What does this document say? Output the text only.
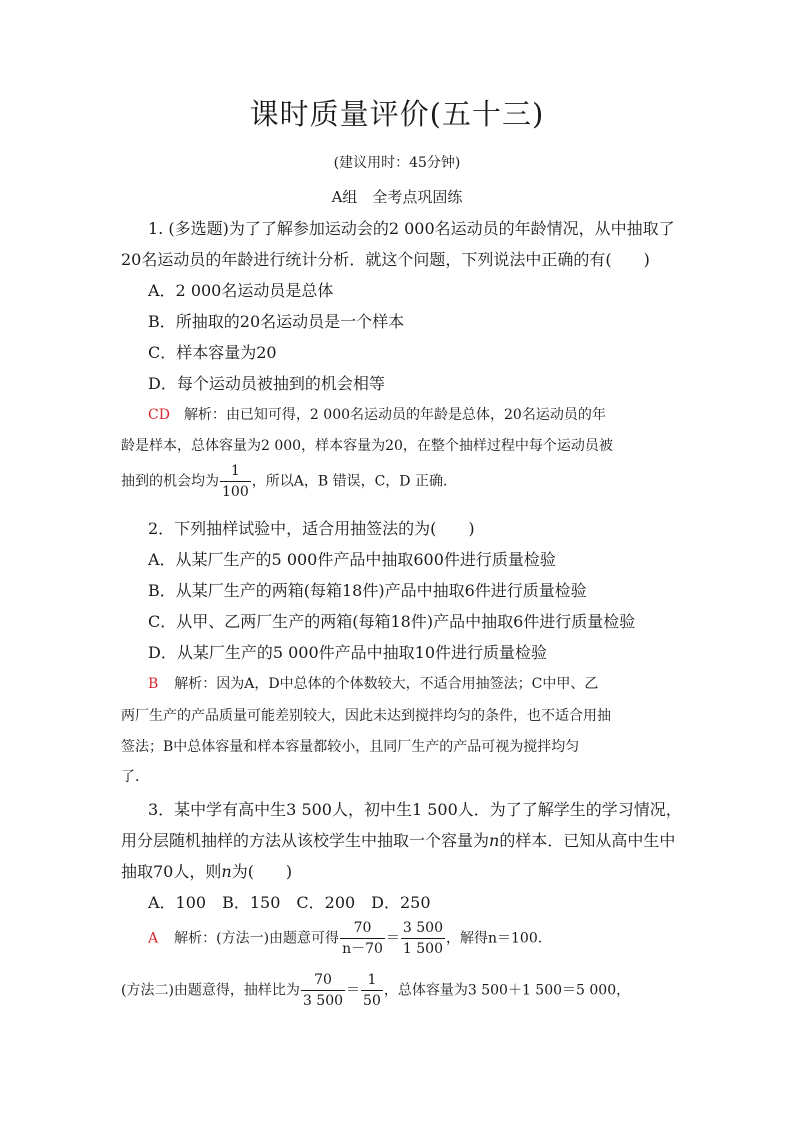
课时质量评价(五十三)
(建议用时：45分钟)
A组　全考点巩固练
1. (多选题)为了了解参加运动会的2 000名运动员的年龄情况，从中抽取了
20名运动员的年龄进行统计分析．就这个问题，下列说法中正确的有(　　)
A．2 000名运动员是总体
B．所抽取的20名运动员是一个样本
C．样本容量为20
D．每个运动员被抽到的机会相等
CD 解析：由已知可得，2 000名运动员的年龄是总体，20名运动员的年
龄是样本，总体容量为2 000，样本容量为20，在整个抽样过程中每个运动员被
抽到的机会均为 $\frac{1}{100}$ ，所以A，B 错误，C，D 正确．
2．下列抽样试验中，适合用抽签法的为(　　)
A．从某厂生产的5 000件产品中抽取600件进行质量检验
B．从某厂生产的两箱(每箱18件)产品中抽取6件进行质量检验
C．从甲、乙两厂生产的两箱(每箱18件)产品中抽取6件进行质量检验
D．从某厂生产的5 000件产品中抽取10件进行质量检验
B 解析：因为A，D中总体的个体数较大，不适合用抽签法；C中甲、乙
两厂生产的产品质量可能差别较大，因此未达到搅拌均匀的条件，也不适合用抽
签法；B中总体容量和样本容量都较小，且同厂生产的产品可视为搅拌均匀
了．
3．某中学有高中生3 500人，初中生1 500人．为了了解学生的学习情况，
用分层随机抽样的方法从该校学生中抽取一个容量为n的样本．已知从高中生中
抽取70人，则n为(　　)
A．100　B．150　C．200　D．250
A 解析：(方法一)由题意可得 $\frac{70}{n-70} = \frac{3 500}{1 500}$ ，解得n＝100.
(方法二)由题意得，抽样比为 $\frac{70}{3 500} = \frac{1}{50}$ ，总体容量为3 500＋1 500＝5 000，
